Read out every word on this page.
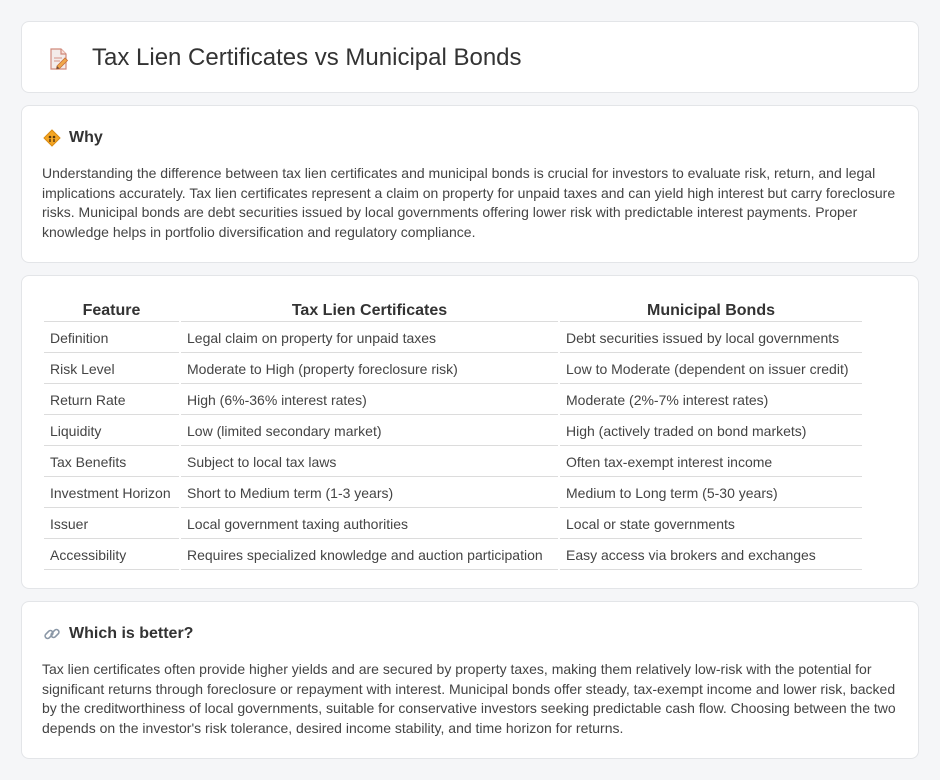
Tax Lien Certificates vs Municipal Bonds
Why

Understanding the difference between tax lien certificates and municipal bonds is crucial for investors to evaluate risk, return, and legal implications accurately. Tax lien certificates represent a claim on property for unpaid taxes and can yield high interest but carry foreclosure risks. Municipal bonds are debt securities issued by local governments offering lower risk with predictable interest payments. Proper knowledge helps in portfolio diversification and regulatory compliance.

Feature	Tax Lien Certificates	Municipal Bonds
Definition	Legal claim on property for unpaid taxes	Debt securities issued by local governments
Risk Level	Moderate to High (property foreclosure risk)	Low to Moderate (dependent on issuer credit)
Return Rate	High (6%-36% interest rates)	Moderate (2%-7% interest rates)
Liquidity	Low (limited secondary market)	High (actively traded on bond markets)
Tax Benefits	Subject to local tax laws	Often tax-exempt interest income
Investment Horizon	Short to Medium term (1-3 years)	Medium to Long term (5-30 years)
Issuer	Local government taxing authorities	Local or state governments
Accessibility	Requires specialized knowledge and auction participation	Easy access via brokers and exchanges
Which is better?

Tax lien certificates often provide higher yields and are secured by property taxes, making them relatively low-risk with the potential for significant returns through foreclosure or repayment with interest. Municipal bonds offer steady, tax-exempt income and lower risk, backed by the creditworthiness of local governments, suitable for conservative investors seeking predictable cash flow. Choosing between the two depends on the investor's risk tolerance, desired income stability, and time horizon for returns.
